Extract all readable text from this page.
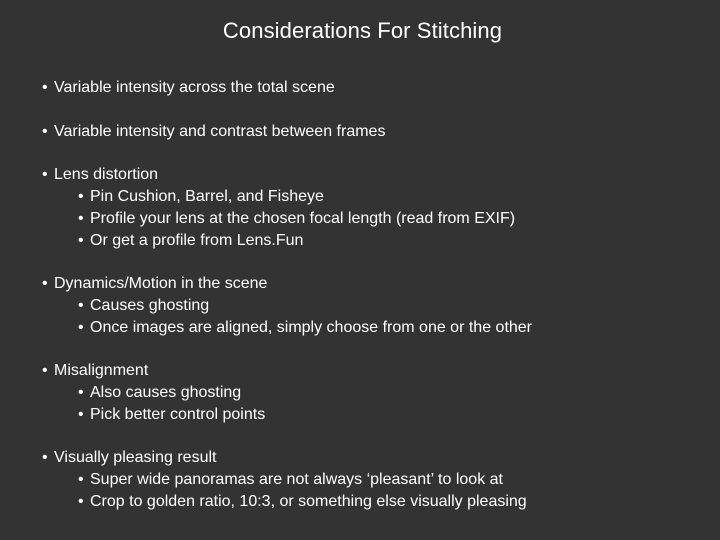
Considerations For Stitching
• Variable intensity across the total scene
• Variable intensity and contrast between frames
• Lens distortion
• Pin Cushion, Barrel, and Fisheye
• Profile your lens at the chosen focal length (read from EXIF)
• Or get a profile from Lens.Fun
• Dynamics/Motion in the scene
• Causes ghosting
• Once images are aligned, simply choose from one or the other
• Misalignment
• Also causes ghosting
• Pick better control points
• Visually pleasing result
• Super wide panoramas are not always ‘pleasant’ to look at
• Crop to golden ratio, 10:3, or something else visually pleasing
